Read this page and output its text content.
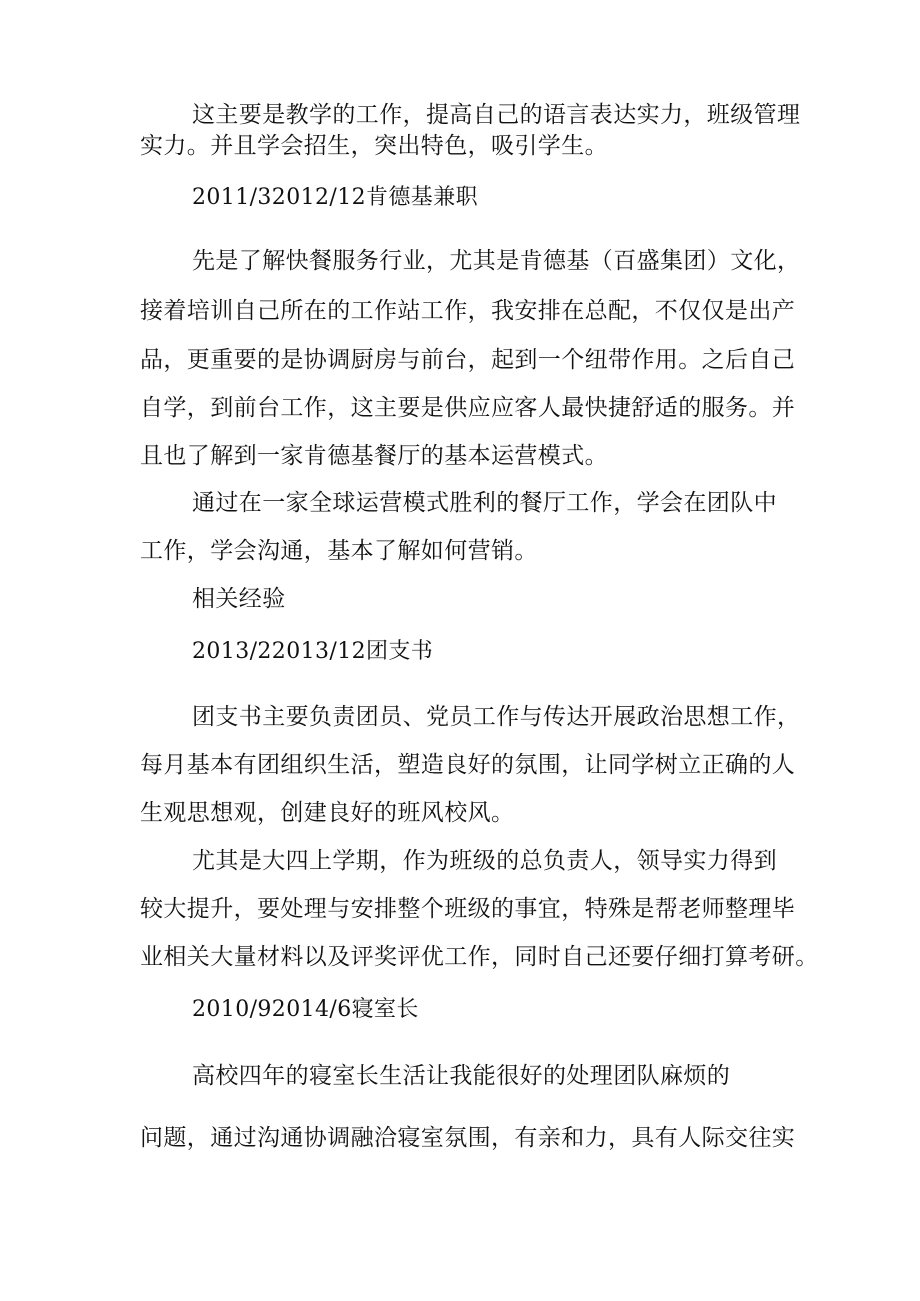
这主要是教学的工作，提高自己的语言表达实力，班级管理
实力。并且学会招生，突出特色，吸引学生。
2011/32012/12肯德基兼职
先是了解快餐服务行业，尤其是肯德基（百盛集团）文化，
接着培训自己所在的工作站工作，我安排在总配，不仅仅是出产
品，更重要的是协调厨房与前台，起到一个纽带作用。之后自己
自学，到前台工作，这主要是供应应客人最快捷舒适的服务。并
且也了解到一家肯德基餐厅的基本运营模式。
通过在一家全球运营模式胜利的餐厅工作，学会在团队中
工作，学会沟通，基本了解如何营销。
相关经验
2013/22013/12团支书
团支书主要负责团员、党员工作与传达开展政治思想工作，
每月基本有团组织生活，塑造良好的氛围，让同学树立正确的人
生观思想观，创建良好的班风校风。
尤其是大四上学期，作为班级的总负责人，领导实力得到
较大提升，要处理与安排整个班级的事宜，特殊是帮老师整理毕
业相关大量材料以及评奖评优工作，同时自己还要仔细打算考研。
2010/92014/6寝室长
高校四年的寝室长生活让我能很好的处理团队麻烦的
问题，通过沟通协调融洽寝室氛围，有亲和力，具有人际交往实
